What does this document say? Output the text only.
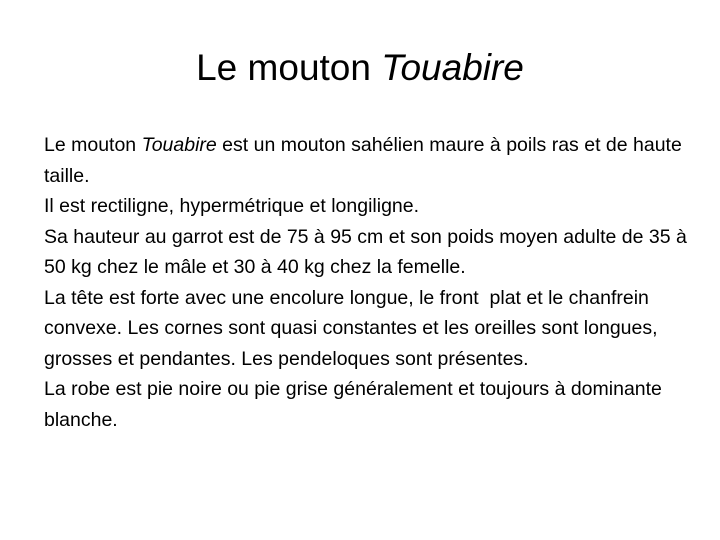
Le mouton Touabire

Le mouton Touabire est un mouton sahélien maure à poils ras et de haute taille.

Il est rectiligne, hypermétrique et longiligne.

Sa hauteur au garrot est de 75 à 95 cm et son poids moyen adulte de 35 à 50 kg chez le mâle et 30 à 40 kg chez la femelle.

La tête est forte avec une encolure longue, le front  plat et le chanfrein convexe. Les cornes sont quasi constantes et les oreilles sont longues, grosses et pendantes. Les pendeloques sont présentes.

La robe est pie noire ou pie grise généralement et toujours à dominante blanche.
